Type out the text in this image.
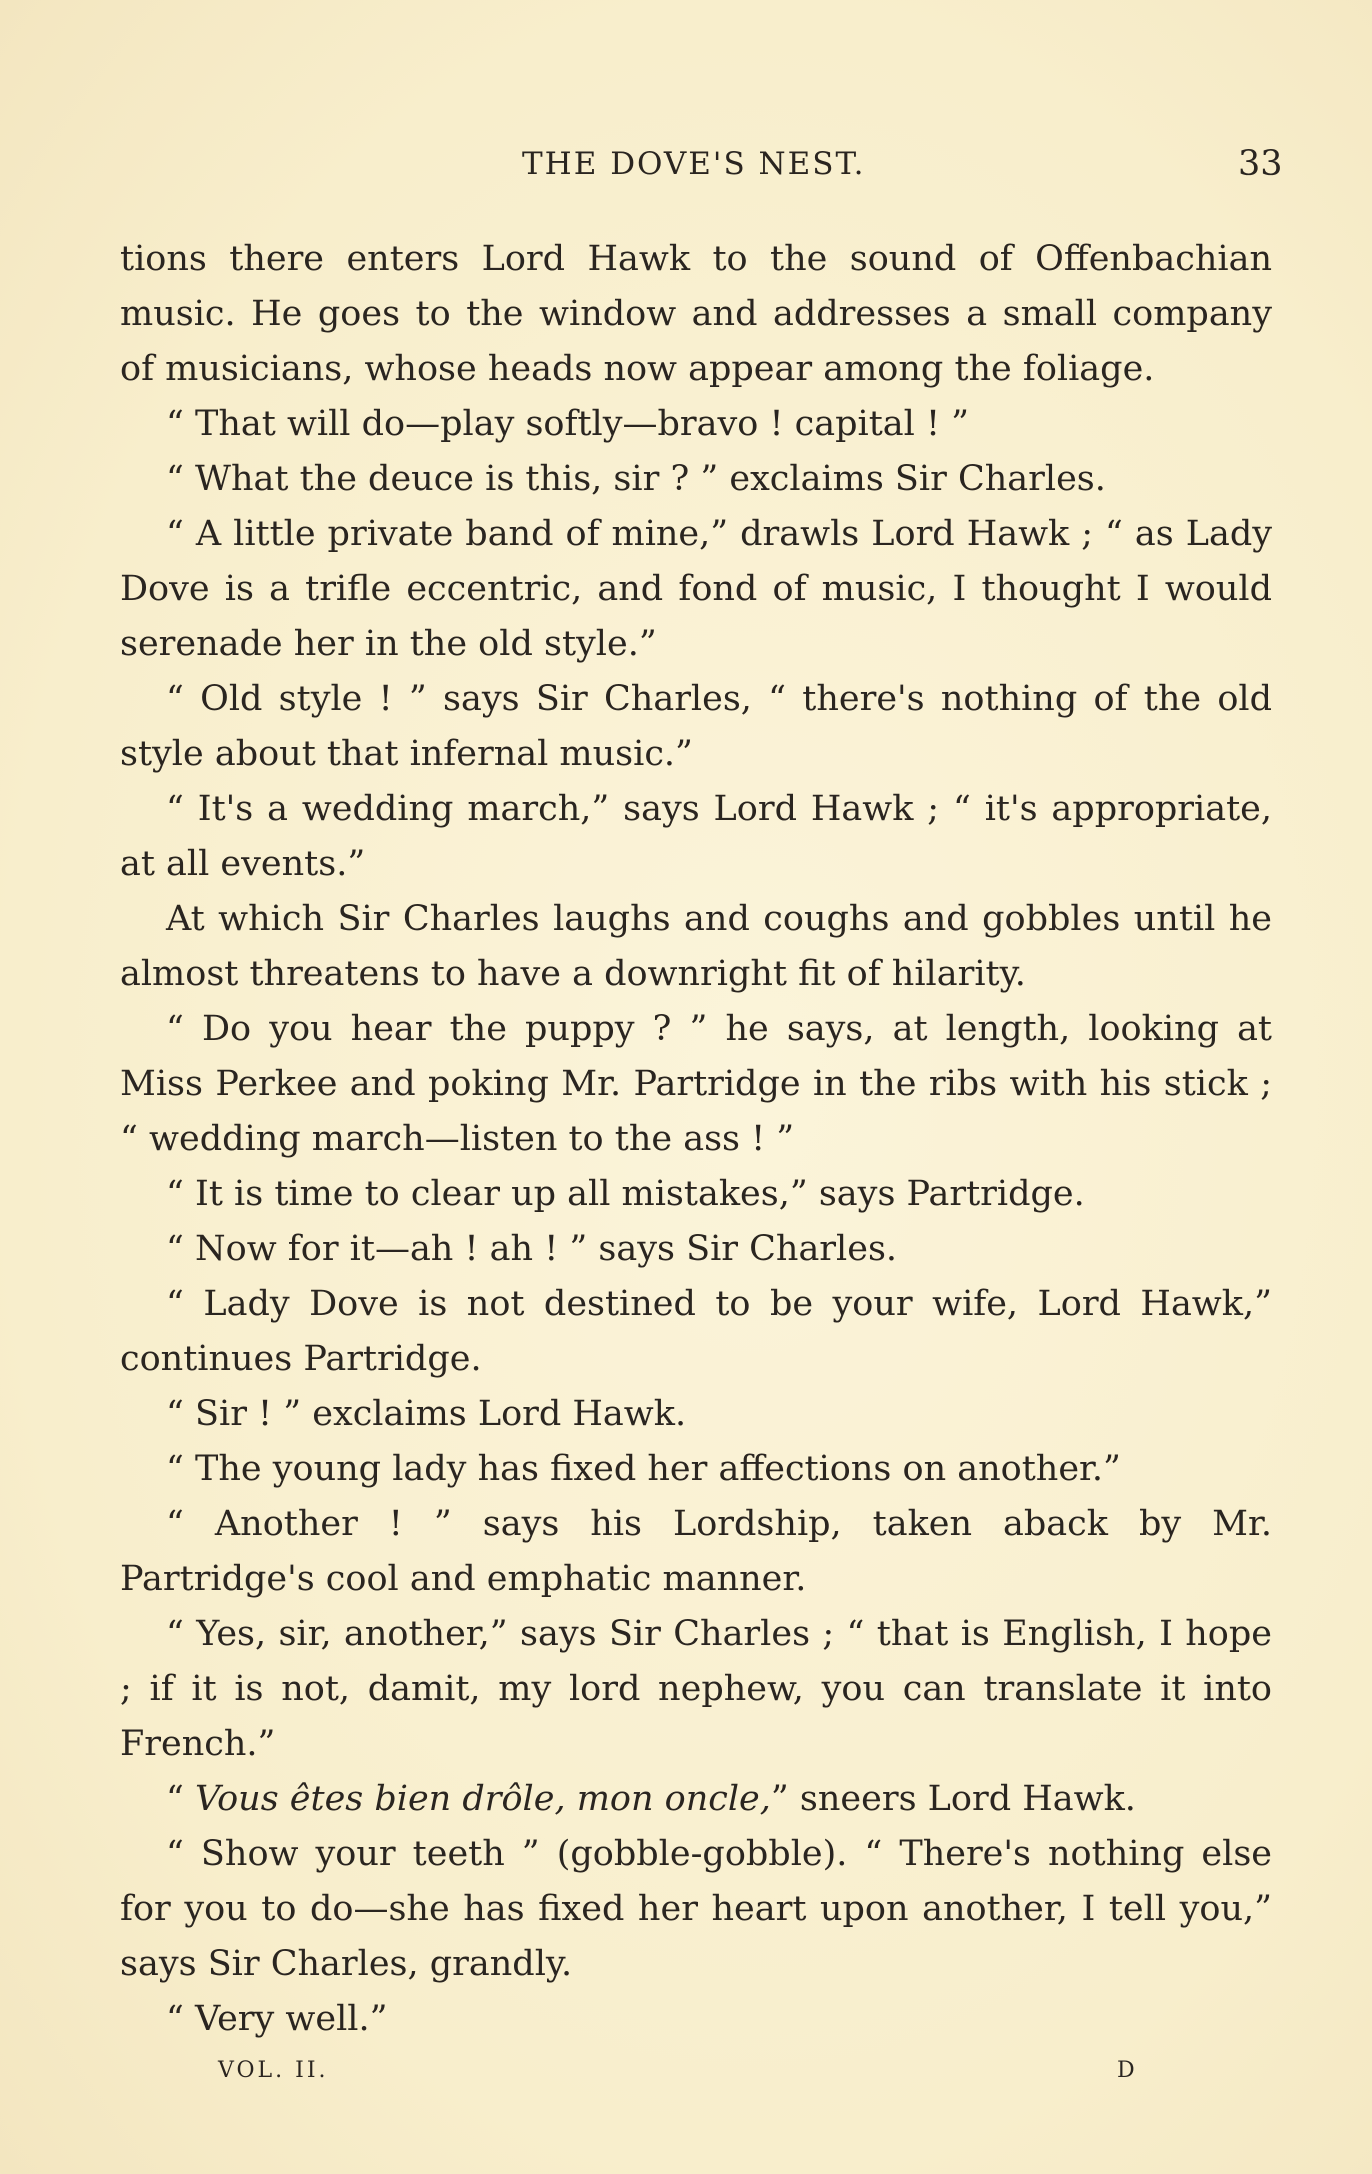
THE DOVE'S NEST.	33

tions there enters Lord Hawk to the sound of Offenbachian music. He goes to the window and addresses a small company of musicians, whose heads now appear among the foliage.

“ That will do—play softly—bravo ! capital ! ”

“ What the deuce is this, sir ? ” exclaims Sir Charles.

“ A little private band of mine,” drawls Lord Hawk ; “ as Lady Dove is a trifle eccentric, and fond of music, I thought I would serenade her in the old style.”

“ Old style ! ” says Sir Charles, “ there's nothing of the old style about that infernal music.”

“ It's a wedding march,” says Lord Hawk ; “ it's appropriate, at all events.”

At which Sir Charles laughs and coughs and gobbles until he almost threatens to have a downright fit of hilarity.

“ Do you hear the puppy ? ” he says, at length, looking at Miss Perkee and poking Mr. Partridge in the ribs with his stick ; “ wedding march—listen to the ass ! ”

“ It is time to clear up all mistakes,” says Partridge.

“ Now for it—ah ! ah ! ” says Sir Charles.

“ Lady Dove is not destined to be your wife, Lord Hawk,” continues Partridge.

“ Sir ! ” exclaims Lord Hawk.

“ The young lady has fixed her affections on another.”

“ Another ! ” says his Lordship, taken aback by Mr. Partridge's cool and emphatic manner.

“ Yes, sir, another,” says Sir Charles ; “ that is English, I hope ; if it is not, damit, my lord nephew, you can translate it into French.”

“ Vous êtes bien drôle, mon oncle,” sneers Lord Hawk.

“ Show your teeth ” (gobble-gobble). “ There's nothing else for you to do—she has fixed her heart upon another, I tell you,” says Sir Charles, grandly.

“ Very well.”

VOL. II.	D
